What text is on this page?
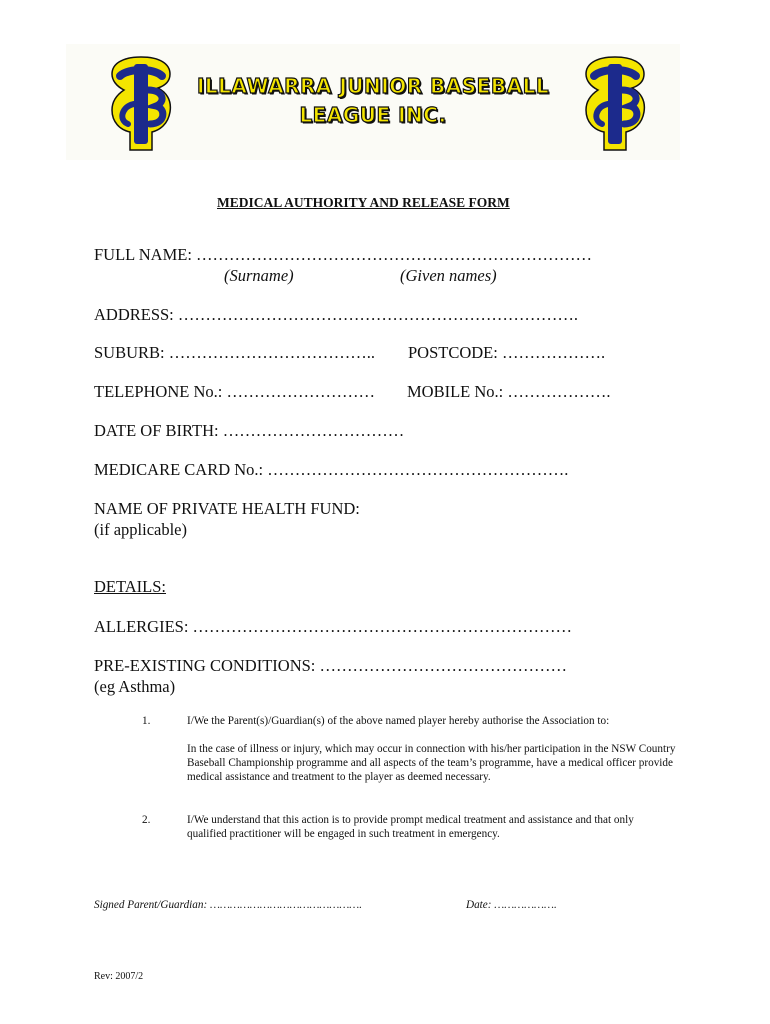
ILLAWARRA JUNIOR BASEBALL
LEAGUE INC.
MEDICAL AUTHORITY AND RELEASE FORM
FULL NAME: ………………………………………………………………
(Surname)	(Given names)
ADDRESS: ……………………………………………………………….
SUBURB: ……………………………….. POSTCODE: ……………….
TELEPHONE No.: ……………………… MOBILE No.: ……………….
DATE OF BIRTH: ……………………………
MEDICARE CARD No.: ……………………………………………….
NAME OF PRIVATE HEALTH FUND:
(if applicable)
DETAILS:
ALLERGIES: ……………………………………………………………
PRE-EXISTING CONDITIONS: ………………………………………
(eg Asthma)
1.	I/We the Parent(s)/Guardian(s) of the above named player hereby authorise the Association to:
In the case of illness or injury, which may occur in connection with his/her participation in the NSW Country Baseball Championship programme and all aspects of the team’s programme, have a medical officer provide medical assistance and treatment to the player as deemed necessary.
2.	I/We understand that this action is to provide prompt medical treatment and assistance and that only qualified practitioner will be engaged in such treatment in emergency.
Signed Parent/Guardian: ……………………………………….	Date: ……………….
Rev: 2007/2
